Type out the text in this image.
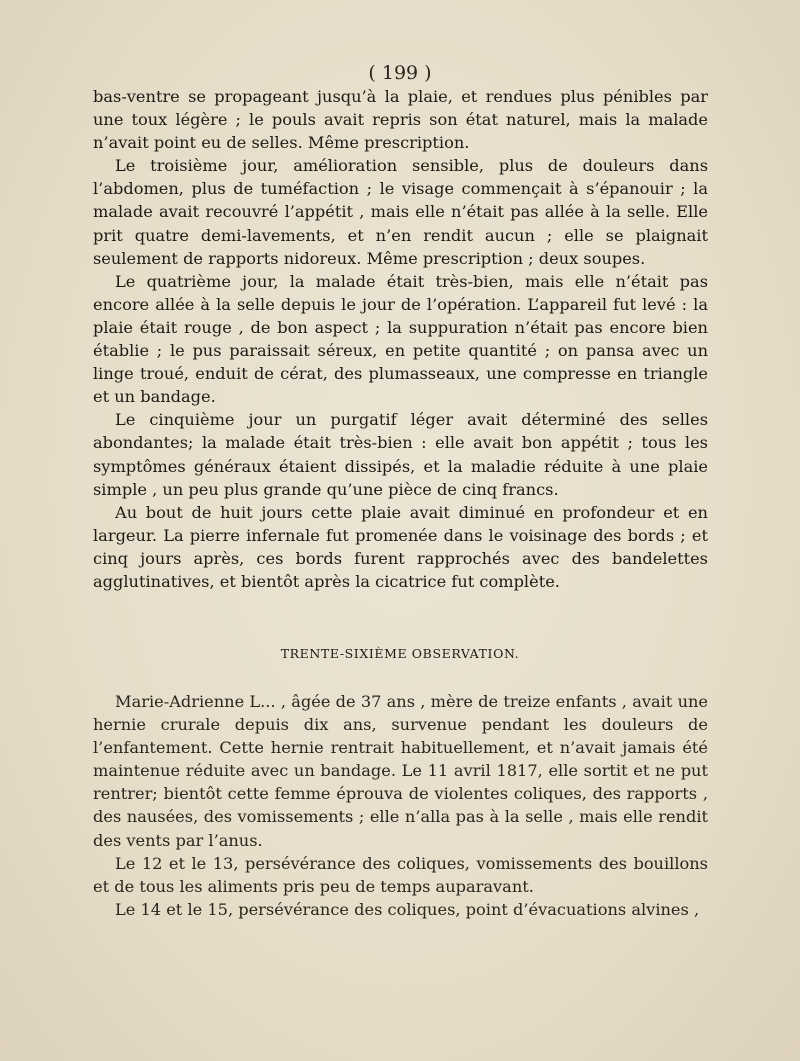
( 199 )

bas-ventre se propageant jusqu’à la plaie, et rendues plus pénibles par une toux légère ; le pouls avait repris son état naturel, mais la malade n’avait point eu de selles. Même prescription.

Le troisième jour, amélioration sensible, plus de douleurs dans l’abdomen, plus de tuméfaction ; le visage commençait à s’épanouir ; la malade avait recouvré l’appétit , mais elle n’était pas allée à la selle. Elle prit quatre demi-lavements, et n’en rendit aucun ; elle se plaignait seulement de rapports nidoreux. Même prescription ; deux soupes.

Le quatrième jour, la malade était très-bien, mais elle n’était pas encore allée à la selle depuis le jour de l’opération. L’appareil fut levé : la plaie était rouge , de bon aspect ; la suppuration n’était pas encore bien établie ; le pus paraissait séreux, en petite quantité ; on pansa avec un linge troué, enduit de cérat, des plumasseaux, une compresse en triangle et un bandage.

Le cinquième jour un purgatif léger avait déterminé des selles abondantes; la malade était très-bien : elle avait bon appétit ; tous les symptômes généraux étaient dissipés, et la maladie réduite à une plaie simple , un peu plus grande qu’une pièce de cinq francs.

Au bout de huit jours cette plaie avait diminué en profondeur et en largeur. La pierre infernale fut promenée dans le voisinage des bords ; et cinq jours après, ces bords furent rapprochés avec des bandelettes agglutinatives, et bientôt après la cicatrice fut complète.

TRENTE-SIXIÈME OBSERVATION.

Marie-Adrienne L... , âgée de 37 ans , mère de treize enfants , avait une hernie crurale depuis dix ans, survenue pendant les douleurs de l’enfantement. Cette hernie rentrait habituellement, et n’avait jamais été maintenue réduite avec un bandage. Le 11 avril 1817, elle sortit et ne put rentrer; bientôt cette femme éprouva de violentes coliques, des rapports , des nausées, des vomissements ; elle n’alla pas à la selle , mais elle rendit des vents par l’anus.

Le 12 et le 13, persévérance des coliques, vomissements des bouillons et de tous les aliments pris peu de temps auparavant.

Le 14 et le 15, persévérance des coliques, point d’évacuations alvines ,
